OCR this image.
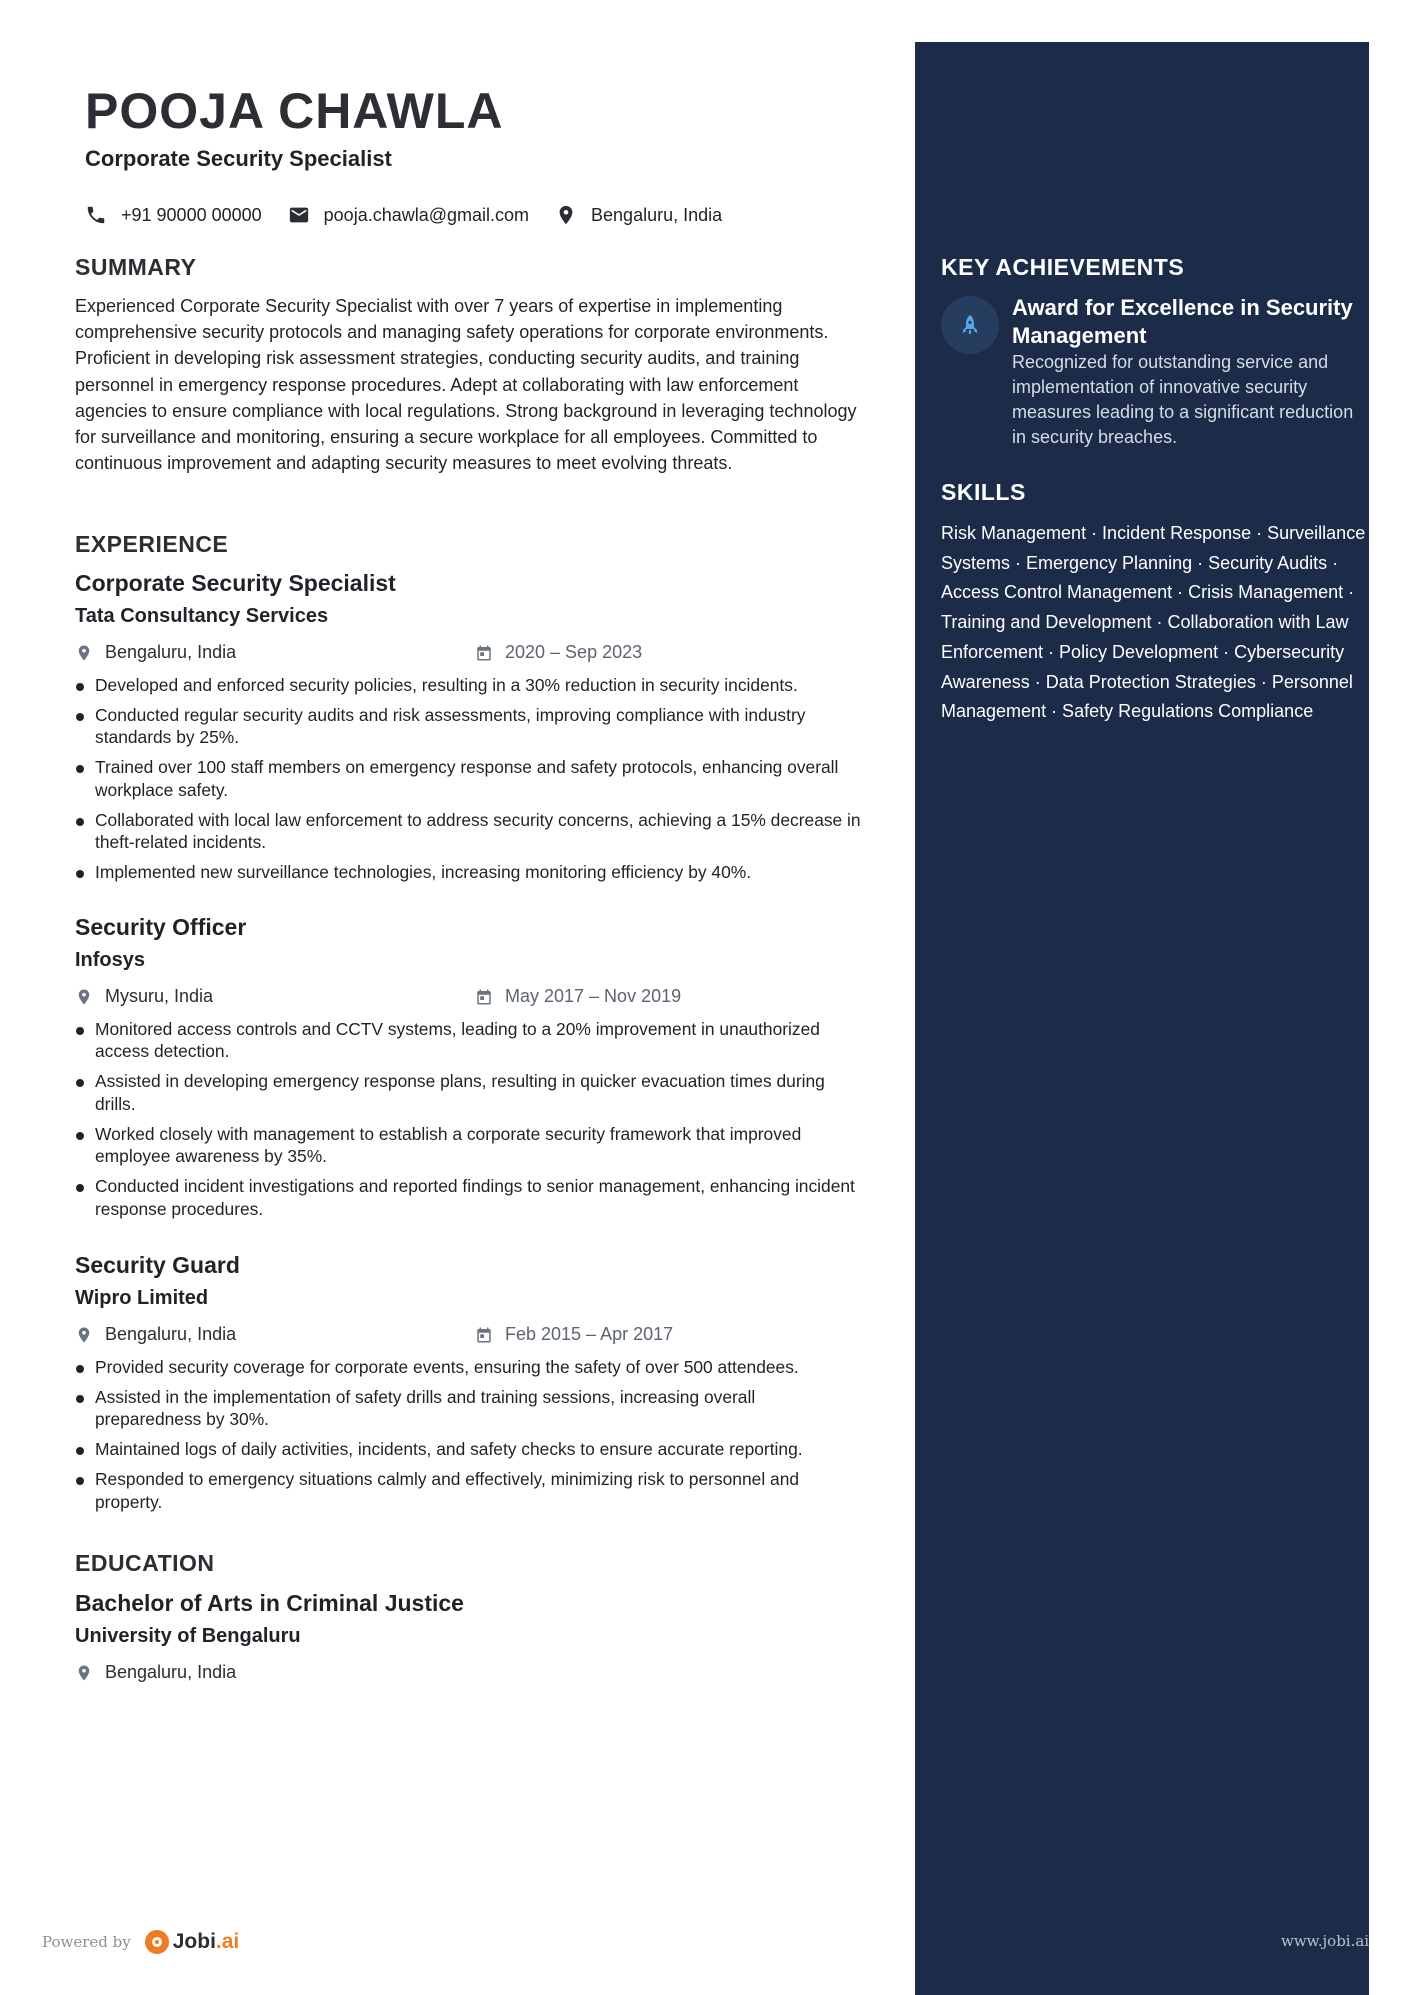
POOJA CHAWLA
Corporate Security Specialist
+91 90000 00000	pooja.chawla@gmail.com	Bengaluru, India
SUMMARY
Experienced Corporate Security Specialist with over 7 years of expertise in implementing comprehensive security protocols and managing safety operations for corporate environments. Proficient in developing risk assessment strategies, conducting security audits, and training personnel in emergency response procedures. Adept at collaborating with law enforcement agencies to ensure compliance with local regulations. Strong background in leveraging technology for surveillance and monitoring, ensuring a secure workplace for all employees. Committed to continuous improvement and adapting security measures to meet evolving threats.
EXPERIENCE
Corporate Security Specialist
Tata Consultancy Services
Bengaluru, India	2020 – Sep 2023
Developed and enforced security policies, resulting in a 30% reduction in security incidents.
Conducted regular security audits and risk assessments, improving compliance with industry standards by 25%.
Trained over 100 staff members on emergency response and safety protocols, enhancing overall workplace safety.
Collaborated with local law enforcement to address security concerns, achieving a 15% decrease in theft-related incidents.
Implemented new surveillance technologies, increasing monitoring efficiency by 40%.
Security Officer
Infosys
Mysuru, India	May 2017 – Nov 2019
Monitored access controls and CCTV systems, leading to a 20% improvement in unauthorized access detection.
Assisted in developing emergency response plans, resulting in quicker evacuation times during drills.
Worked closely with management to establish a corporate security framework that improved employee awareness by 35%.
Conducted incident investigations and reported findings to senior management, enhancing incident response procedures.
Security Guard
Wipro Limited
Bengaluru, India	Feb 2015 – Apr 2017
Provided security coverage for corporate events, ensuring the safety of over 500 attendees.
Assisted in the implementation of safety drills and training sessions, increasing overall preparedness by 30%.
Maintained logs of daily activities, incidents, and safety checks to ensure accurate reporting.
Responded to emergency situations calmly and effectively, minimizing risk to personnel and property.
EDUCATION
Bachelor of Arts in Criminal Justice
University of Bengaluru
Bengaluru, India
KEY ACHIEVEMENTS
Award for Excellence in Security Management
Recognized for outstanding service and implementation of innovative security measures leading to a significant reduction in security breaches.
SKILLS
Risk Management · Incident Response · Surveillance Systems · Emergency Planning · Security Audits · Access Control Management · Crisis Management · Training and Development · Collaboration with Law Enforcement · Policy Development · Cybersecurity Awareness · Data Protection Strategies · Personnel Management · Safety Regulations Compliance
Powered by Jobi .ai	www.jobi.ai
